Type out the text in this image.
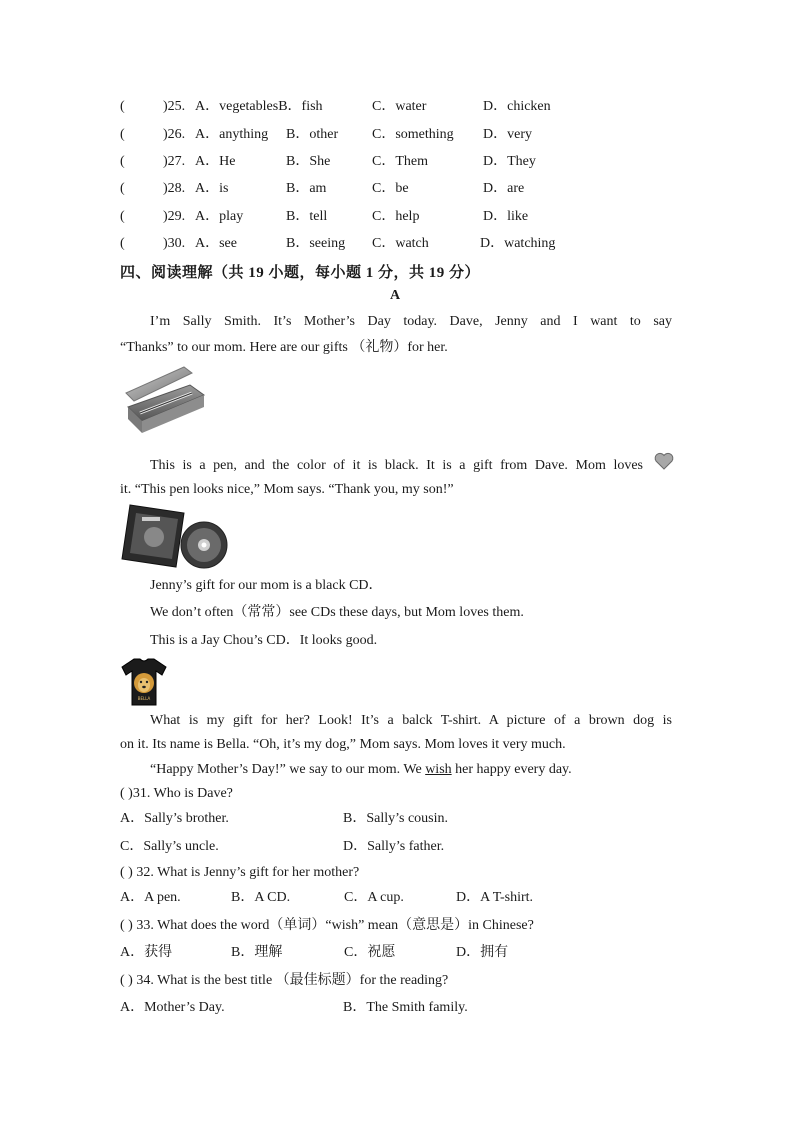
(	)25. A．vegetablesB．fish	C．water	D．chicken
(	)26. A．anything B．other C．something D．very
(	)27. A．He	B．She	C．Them	D．They
(	)28. A．is	B．am	C．be	D．are
(	)29. A．play	B．tell	C．help	D．like
(	)30. A．see	B．seeing C．watch	D．watching
四、阅读理解（共 19 小题，每小题 1 分，共 19 分）
A
I’m Sally Smith. It’s Mother’s Day today. Dave, Jenny and I want to say
“Thanks” to our mom. Here are our gifts （礼物）for her.
This is a pen, and the color of it is black. It is a gift from Dave. Mom loves
it. “This pen looks nice,” Mom says. “Thank you, my son!”
Jenny’s gift for our mom is a black CD．
We don’t often（常常）see CDs these days, but Mom loves them.
This is a Jay Chou’s CD．It looks good.
BELLA
What is my gift for her? Look! It’s a balck T-shirt. A picture of a brown dog is
on it. Its name is Bella. “Oh, it’s my dog,” Mom says. Mom loves it very much.
“Happy Mother’s Day!” we say to our mom. We wish her happy every day.
( )31. Who is Dave?
A．Sally’s brother.	B．Sally’s cousin.
C．Sally’s uncle.	D．Sally’s father.
( ) 32. What is Jenny’s gift for her mother?
A．A pen.	B．A CD.	C．A cup.	D．A T-shirt.
( ) 33. What does the word（单词）“wish” mean（意思是）in Chinese?
A．获得	B．理解	C．祝愿	D．拥有
( ) 34. What is the best title （最佳标题）for the reading?
A．Mother’s Day.	B．The Smith family.
